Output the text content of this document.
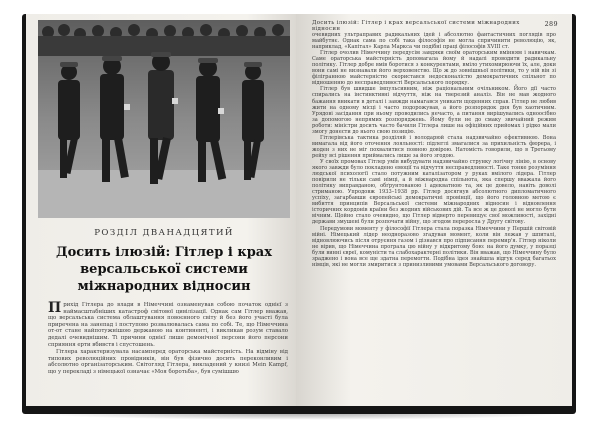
РОЗДІЛ ДВАНАДЦЯТИЙ
Досить ілюзій: Гітлер і крах версальської системи міжнародних відносин

Прихід Гітлера до влади в Німеччині ознаменував собою початок однієї з наймасштабніших катастроф світової цивілізації. Однак сам Гітлер вважав, що версальська система облаштування повоєнного світу й без його участі була приречена на занепад і поступово розвалювалась сама по собі. Те, що Німеччина от-от стане найпотужнішою державою на континенті, і викликав розум ставало дедалі очевиднішим. Ті причини однієї лише демонічної персони його персони сприяння ерти вбивств і спустошень.

Гітлера характеризувала насамперед ораторська майстерність. На відміну від типових революційних провідників, він був фізично досить переконливим і абсолютно організаторським. Світогляд Гітлера, викладений у книзі Mein Kampf, що у перекладі з німецької означає «Моя боротьба», був сумішшю

Досить ілюзій: Гітлер і крах версальської системи міжнародних відносин
289

очевидних ультраправих радикальних ідей і абсолютно фантастичних поглядів про майбутнє. Однак сама по собі така філософія не могла спричинити революцію, як, наприклад, «Капітал» Карла Маркса чи подібні праці філософів XVIII ст.

Гітлер очолив Німеччину передусім завдяки своїм ораторським вмінням і навичкам. Саме ораторська майстерність допомагала йому й надалі проводити радикальну політику. Гітлер добре вмів боротися з конкурентами, вміло утихомирюючи їх, але, доки вони самі не визнавали його верховенство. Що ж до зовнішньої політики, то у ній він зі філігранною майстерністю скористався недосконалістю демократичних спільнот по відношенню до несправедливості Версальського порядку.

Гітлер був швидше імпульсивним, ніж раціональним очільником. Його дії часто спирались на інстинктивні відчуття, ніж на тверезий аналіз. Він не мав жодного бажання вникати в деталі і завжди намагався уникати щоденних справ. Гітлер не любив жити на одному місці і часто подорожував, а його розпорядок дня був хаотичним. Урядові засідання при ньому проводились нечасто, а питання вирішувались одноосібно за допомогою непрямих розпоряджень. Йому були не до смаку звичайний режим роботи: міністри досить часто бачили Гітлера лише на офіційних прийомах і рідко мали змогу донести до нього свою позицію.

Гітлерівська тактика розділяй і володарюй стала надзвичайно ефективною. Вона вимагала від його оточення лояльності: підлеглі змагалися за прихильність фюрера, і жоден з них не міг похвалитися повною довірою. Натомість говорили, що в Третьому рейху всі рішення приймались лише за його згодою.

У своїх промовах Гітлер умів вибудувати надзвичайно струнку логічну лінію, в основу якого завжди було покладено емоції та відчуття несправедливості. Таке тонке розуміння людської психології стало потужним каталізатором у руках вмілого лідера. Гітлер повірили не тільки самі німці, а й міжнародна спільнота, яка спершу вважала його політику виправданою, обґрунтованою і адекватною та, як це довело, навіть доволі стриманою. Упродовж 1933–1938 рр. Гітлер досягнув абсолютного дипломатичного успіху, загарбавши європейські демократичні провінції, що його головною метою є вибиття принципів Версальської системи міжнародних відносин і відновлення історичних кордонів країни без жодних військових дій. Та все ж це доволі не могло бути вічним. Щойно стало очевидно, що Гітлер відверто перевищує свої можливості, західні держави змушені були розпочати війну, що згодом переросла у Другу світову.

Передумови моменту у філософії Гітлера стала поразка Німеччини у Першій світовій війні. Німецький лідер неодноразово згадував момент, коли він лежав у шпиталі, відновлюючись після отруєння газом і дізнався про підписання перемир'я. Гітлер ніколи не вірив, що Німеччина програла цю війну у відкритому бою: на його думку, у поразці були винні євреї, комуністи та слабохарактерні політики. Він вважав, що Німеччину було зраджено і вона все ще здатна перемогти. Подібна ідея знайшла відгук серед багатьох німців, які не могли змиритися з принизливими умовами Версальського договору.
